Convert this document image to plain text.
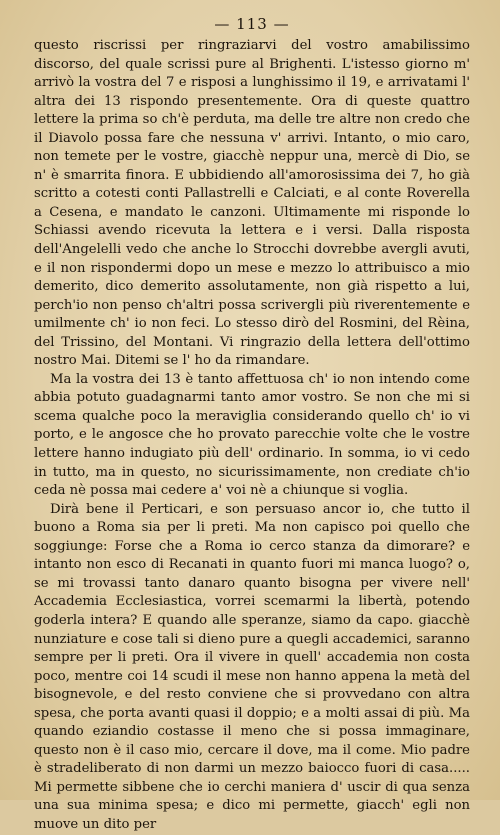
— 113 —

questo riscrissi per ringraziarvi del vostro amabilissimo discorso, del quale scrissi pure al Brighenti. L'istesso giorno m' arrivò la vostra del 7 e risposi a lunghissimo il 19, e arrivatami l' altra dei 13 rispondo presentemente. Ora di queste quattro lettere la prima so ch'è perduta, ma delle tre altre non credo che il Diavolo possa fare che nessuna v' arrivi. Intanto, o mio caro, non temete per le vostre, giacchè neppur una, mercè di Dio, se n' è smarrita finora. E ubbidiendo all'amorosissima dei 7, ho già scritto a cotesti conti Pallastrelli e Calciati, e al conte Roverella a Cesena, e mandato le canzoni. Ultimamente mi risponde lo Schiassi avendo ricevuta la lettera e i versi. Dalla risposta dell'Angelelli vedo che anche lo Strocchi dovrebbe avergli avuti, e il non rispondermi dopo un mese e mezzo lo attribuisco a mio demerito, dico demerito assolutamente, non già rispetto a lui, perch'io non penso ch'altri possa scrivergli più riverentemente e umilmente ch' io non feci. Lo stesso dirò del Rosmini, del Rèina, del Trissino, del Montani. Vi ringrazio della lettera dell'ottimo nostro Mai. Ditemi se l' ho da rimandare.

Ma la vostra dei 13 è tanto affettuosa ch' io non intendo come abbia potuto guadagnarmi tanto amor vostro. Se non che mi si scema qualche poco la meraviglia considerando quello ch' io vi porto, e le angosce che ho provato parecchie volte che le vostre lettere hanno indugiato più dell' ordinario. In somma, io vi cedo in tutto, ma in questo, no sicurissimamente, non crediate ch'io ceda nè possa mai cedere a' voi nè a chiunque si voglia.

Dirà bene il Perticari, e son persuaso ancor io, che tutto il buono a Roma sia per li preti. Ma non capisco poi quello che soggiunge: Forse che a Roma io cerco stanza da dimorare? e intanto non esco di Recanati in quanto fuori mi manca luogo? o, se mi trovassi tanto danaro quanto bisogna per vivere nell' Accademia Ecclesiastica, vorrei scemarmi la libertà, potendo goderla intera? E quando alle speranze, siamo da capo. giacchè nunziature e cose tali si dieno pure a quegli accademici, saranno sempre per li preti. Ora il vivere in quell' accademia non costa poco, mentre coi 14 scudi il mese non hanno appena la metà del bisognevole, e del resto conviene che si provvedano con altra spesa, che porta avanti quasi il doppio; e a molti assai di più. Ma quando eziandio costasse il meno che si possa immaginare, questo non è il caso mio, cercare il dove, ma il come. Mio padre è stradeliberato di non darmi un mezzo baiocco fuori di casa..... Mi permette sibbene che io cerchi maniera d' uscir di qua senza una sua minima spesa; e dico mi permette, giacch' egli non muove un dito per
